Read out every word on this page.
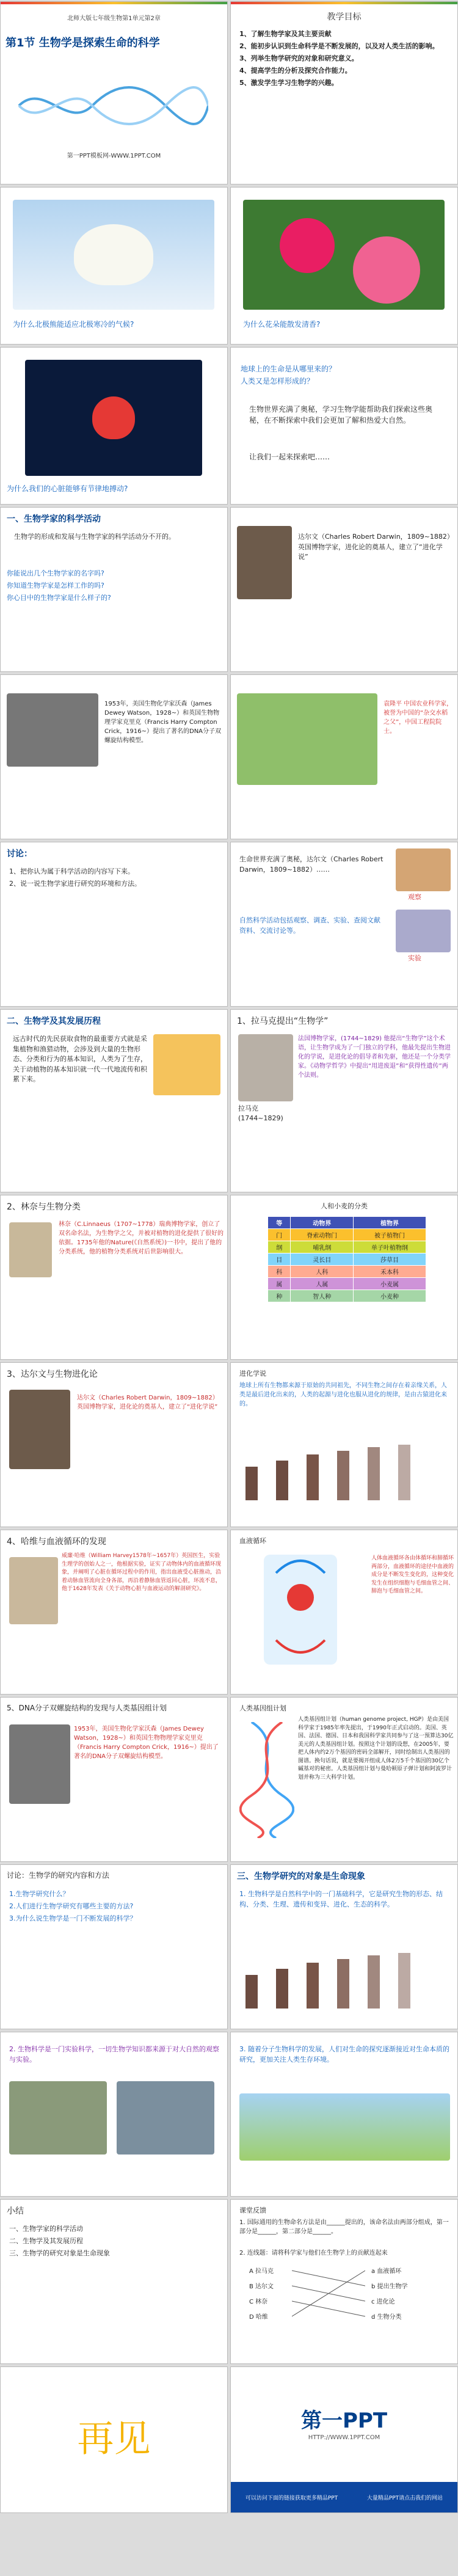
北师大版七年级生物第1单元第2章
第1节 生物学是探索生命的科学
第一PPT模板网-WWW.1PPT.COM
教学目标
1、了解生物学家及其主要贡献
2、能初步认识到生命科学是不断发展的，以及对人类生活的影响。
3、列举生物学研究的对象和研究意义。
4、提高学生的分析及探究合作能力。
5、激发学生学习生物学的兴趣。
为什么北极熊能适应北极寒冷的气候?	为什么花朵能散发清香?
为什么我们的心脏能够有节律地搏动?
地球上的生命是从哪里来的？
人类又是怎样形成的？
生物世界充满了奥秘，学习生物学能帮助我们探索这些奥秘，在不断探索中我们会更加了解和热爱大自然。
让我们一起来探索吧……
一、生物学家的科学活动
生物学的形成和发展与生物学家的科学活动分不开的。
你能说出几个生物学家的名字吗?
你知道生物学家是怎样工作的吗?
你心目中的生物学家是什么样子的?
达尔文（Charles Robert Darwin，1809~1882）英国博物学家，进化论的奠基人，建立了“进化学说”
1953年，美国生物化学家沃森（James Dewey Watson，1928~）和英国生物物理学家克里克（Francis Harry Compton Crick，1916~）提出了著名的DNA分子双螺旋结构模型。
袁隆平 中国农业科学家，被誉为中国的“杂交水稻之父”，中国工程院院士。
讨论：
1、把你认为属于科学活动的内容写下来。
2、说一说生物学家进行研究的环境和方法。
生命世界充满了奥秘，达尔文（Charles Robert Darwin，1809~1882）……
观察
实验
自然科学活动包括观察、调查、实验、查阅文献资料、交流讨论等。
二、生物学及其发展历程
远古时代的先民获取食物的最重要方式就是采集植物和渔猎动物，会涉及到大量的生物形态、分类和行为的基本知识，人类为了生存，关于动植物的基本知识就一代一代地流传和积累下来。
1、拉马克提出“生物学”
拉马克
(1744~1829)
法国博物学家，(1744~1829) 他提出“生物学”这个术语，让生物学成为了一门独立的学科，他最先提出生物进化的学说，是进化论的倡导者和先驱，他还是一个分类学家。《动物学哲学》中提出“用进废退”和“获得性遗传”两个法则。
2、林奈与生物分类
林奈（C.Linnaeus（1707~1778）瑞典博物学家，创立了双名命名法，为生物学之父，并被对植物的进化提供了很好的依据。1735年他的Nature(《自然系统》)一书中，提出了他的分类系统，他的植物分类系统对后世影响很大。
人和小麦的分类
等	动物界	植物界
门	脊索动物门	被子植物门
纲	哺乳纲	单子叶植物纲
目	灵长目	莎草目
科	人科	禾本科
属	人属	小麦属
种	智人种	小麦种
3、达尔文与生物进化论
达尔文（Charles Robert Darwin，1809~1882）英国博物学家，进化论的奠基人，建立了“进化学说”
进化学说
地球上所有生物都来源于原始的共同祖先，不同生物之间存在着亲缘关系，人类是最后进化出来的，人类的起源与进化也服从进化的规律，是由古猿进化来的。
4、哈维与血液循环的发现
威廉·哈维（William Harvey1578年~1657年）英国医生，实验生理学的创始人之一，他根据实验，证实了动物体内的血液循环现象，并阐明了心脏在循环过程中的作用，指出血液受心脏推动，沿着动脉血管流向全身各部，再沿着静脉血管返回心脏，环流不息，他于1628年发表《关于动物心脏与血液运动的解剖研究》。
血液循环
人体血液循环各由体循环和肺循环两部分，血液循环的途径中血液的成分是不断发生变化的，这种变化发生在组织细胞与毛细血管之间、肺泡与毛细血管之间。
5、DNA分子双螺旋结构的发现与人类基因组计划
1953年，美国生物化学家沃森（James Dewey Watson，1928~）和英国生物物理学家克里克（Francis Harry Compton Crick，1916~）提出了著名的DNA分子双螺旋结构模型。
人类基因组计划
人类基因组计划（human genome project, HGP）是由美国科学家于1985年率先提出，于1990年正式启动的。美国、英国、法国、德国、日本和我国科学家共同参与了这一预算达30亿美元的人类基因组计划。按照这个计划的设想，在2005年，要把人体内约2万个基因的密码全部解开，同时绘制出人类基因的图谱。换句话说，就是要揭开组成人体2万5千个基因的30亿个碱基对的秘密。人类基因组计划与曼哈顿原子弹计划和阿波罗计划并称为三大科学计划。
讨论：生物学的研究内容和方法
1.生物学研究什么？
2.人们进行生物学研究有哪些主要的方法?
3.为什么说生物学是一门不断发展的科学？
三、生物学研究的对象是生命现象
1. 生物科学是自然科学中的一门基础科学，它是研究生物的形态、结构、分类、生理、遗传和变异、进化、生态的科学。
2. 生物科学是一门实验科学，一切生物学知识都来源于对大自然的观察与实验。
3. 随着分子生物科学的发展，人们对生命的探究逐渐接近对生命本质的研究，更加关注人类生存环境。
小结
一、生物学家的科学活动
二、生物学及其发展历程
三、生物学的研究对象是生命现象
课堂反馈
1. 国际通用的生物命名方法是由______提出的，该命名法由两部分组成，第一部分是______，第二部分是______。
2. 连线题：请将科学家与他们在生物学上的贡献连起来
A 拉马克
B 达尔文
C 林奈
D 哈维
a 血液循环
b 提出生物学
c 进化论
d 生物分类
再见	第一PPT
HTTP://WWW.1PPT.COM
可以访问下面的链接获取更多精品PPT	大量精品PPT请点击我们的网站
